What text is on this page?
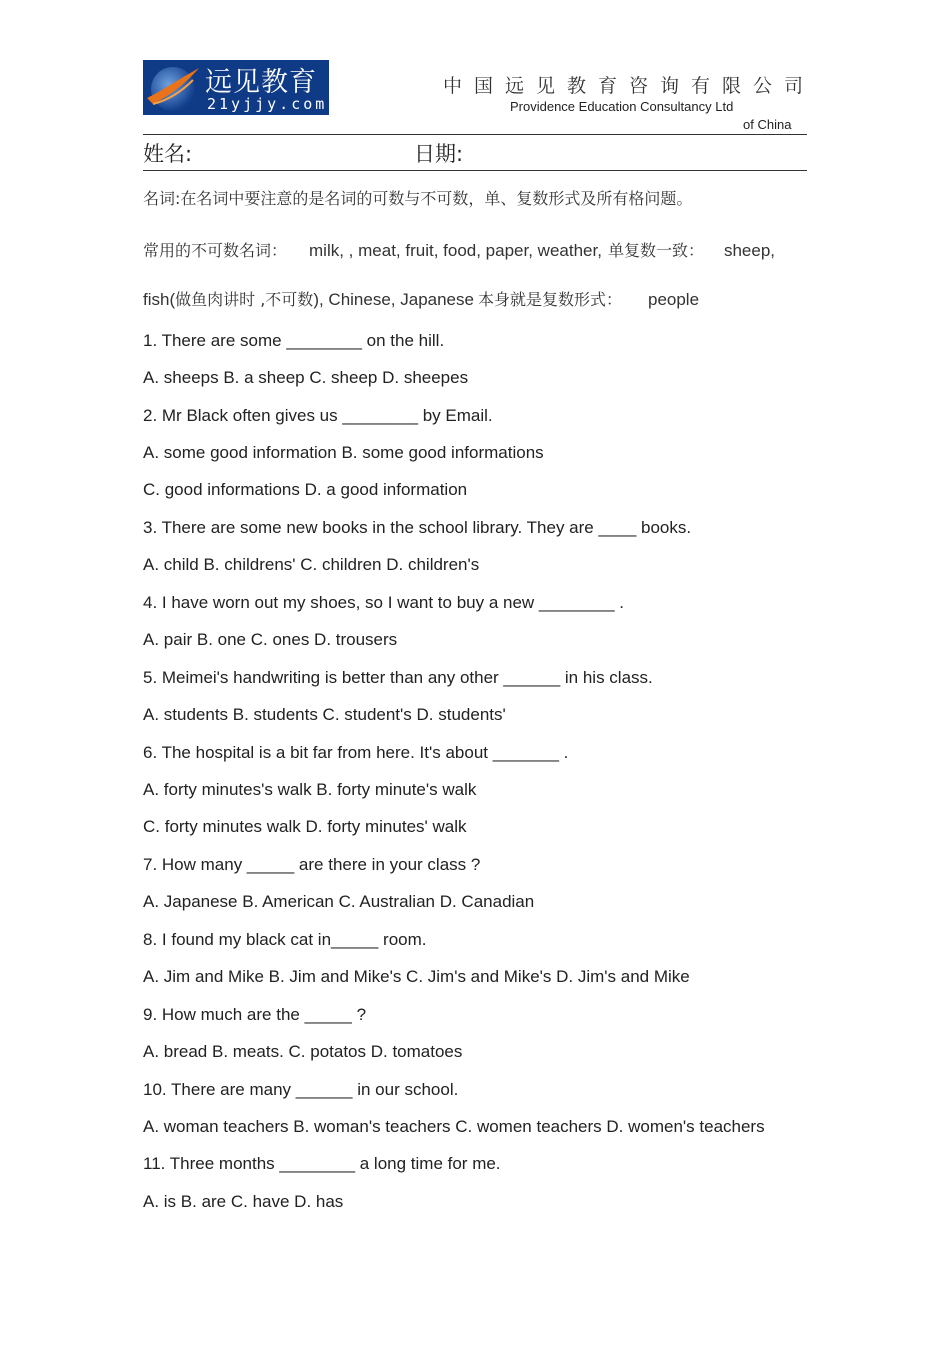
远见教育
21yjjy.com
中国远见教育咨询有限公司
Providence Education Consultancy Ltd
of China
姓名:	日期:
名词:在名词中要注意的是名词的可数与不可数，单、复数形式及所有格问题。
常用的不可数名词： milk, , meat, fruit, food, paper, weather, 单复数一致： sheep,
fish(做鱼肉讲时 ,不可数), Chinese, Japanese 本身就是复数形式： people
1. There are some ________ on the hill.
A. sheeps B. a sheep C. sheep D. sheepes
2. Mr Black often gives us ________ by Email.
A. some good information B. some good informations
C. good informations D. a good information
3. There are some new books in the school library. They are ____ books.
A. child B. childrens' C. children D. children's
4. I have worn out my shoes, so I want to buy a new ________ .
A. pair B. one C. ones D. trousers
5. Meimei's handwriting is better than any other ______ in his class.
A. students B. students C. student's D. students'
6. The hospital is a bit far from here. It's about _______ .
A. forty minutes's walk B. forty minute's walk
C. forty minutes walk D. forty minutes' walk
7. How many _____ are there in your class ?
A. Japanese B. American C. Australian D. Canadian
8. I found my black cat in_____ room.
A. Jim and Mike B. Jim and Mike's C. Jim's and Mike's D. Jim's and Mike
9. How much are the _____ ?
A. bread B. meats. C. potatos D. tomatoes
10. There are many ______ in our school.
A. woman teachers B. woman's teachers C. women teachers D. women's teachers
11. Three months ________ a long time for me.
A. is B. are C. have D. has
